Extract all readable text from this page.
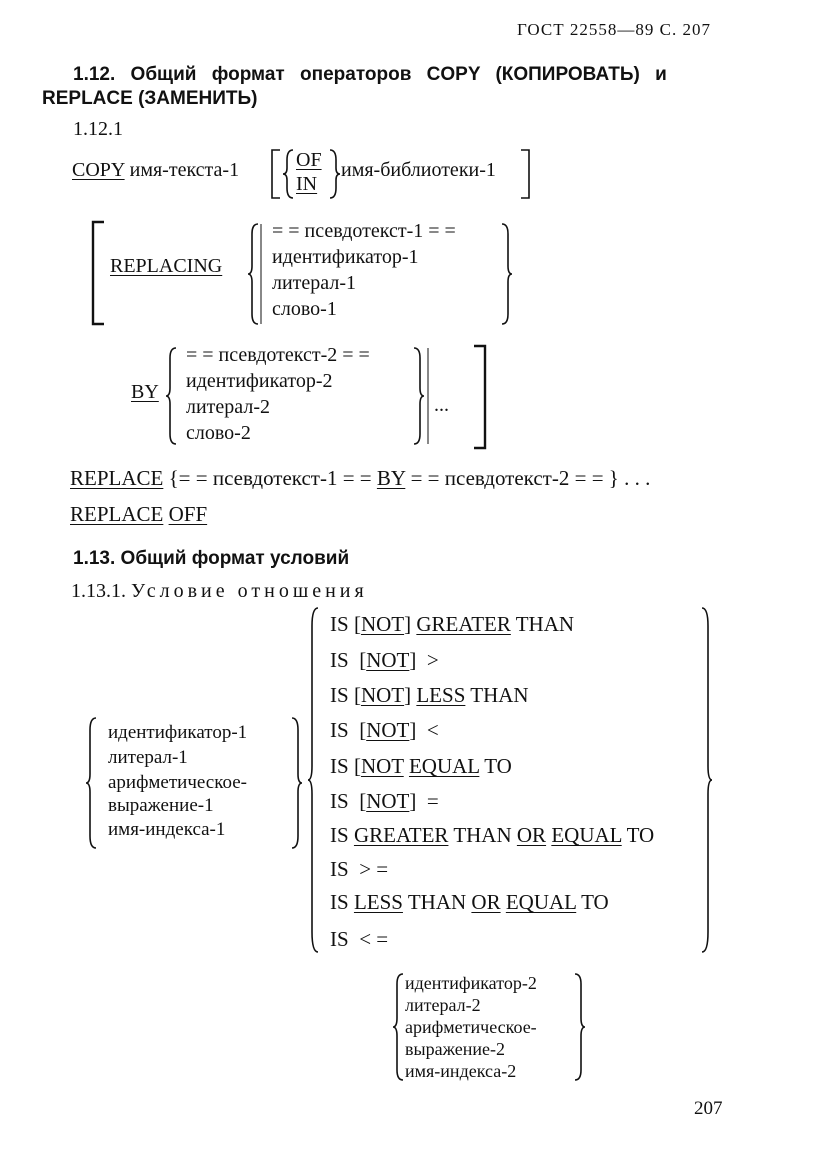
ГОСТ 22558—89 С. 207
1.12. Общий формат операторов COPY (КОПИРОВАТЬ) и
REPLACE (ЗАМЕНИТЬ)
1.12.1
COPY имя-текста-1	OF
IN
имя-библиотеки-1
REPLACING
= = псевдотекст-1 = =
идентификатор-1
литерал-1
слово-1
BY
= = псевдотекст-2 = =
идентификатор-2
литерал-2
слово-2
...
REPLACE {= = псевдотекст-1 = = BY = = псевдотекст-2 = = } . . .
REPLACE OFF
1.13. Общий формат условий
1.13.1. Условие отношения
идентификатор-1
литерал-1
арифметическое-
выражение-1
имя-индекса-1
IS [NOT] GREATER THAN
IS  [NOT]  >
IS [NOT] LESS THAN
IS  [NOT]  <
IS [NOT EQUAL TO
IS  [NOT]  =
IS GREATER THAN OR EQUAL TO
IS > =
IS LESS THAN OR EQUAL TO
IS < =
идентификатор-2
литерал-2
арифметическое-
выражение-2
имя-индекса-2
207
